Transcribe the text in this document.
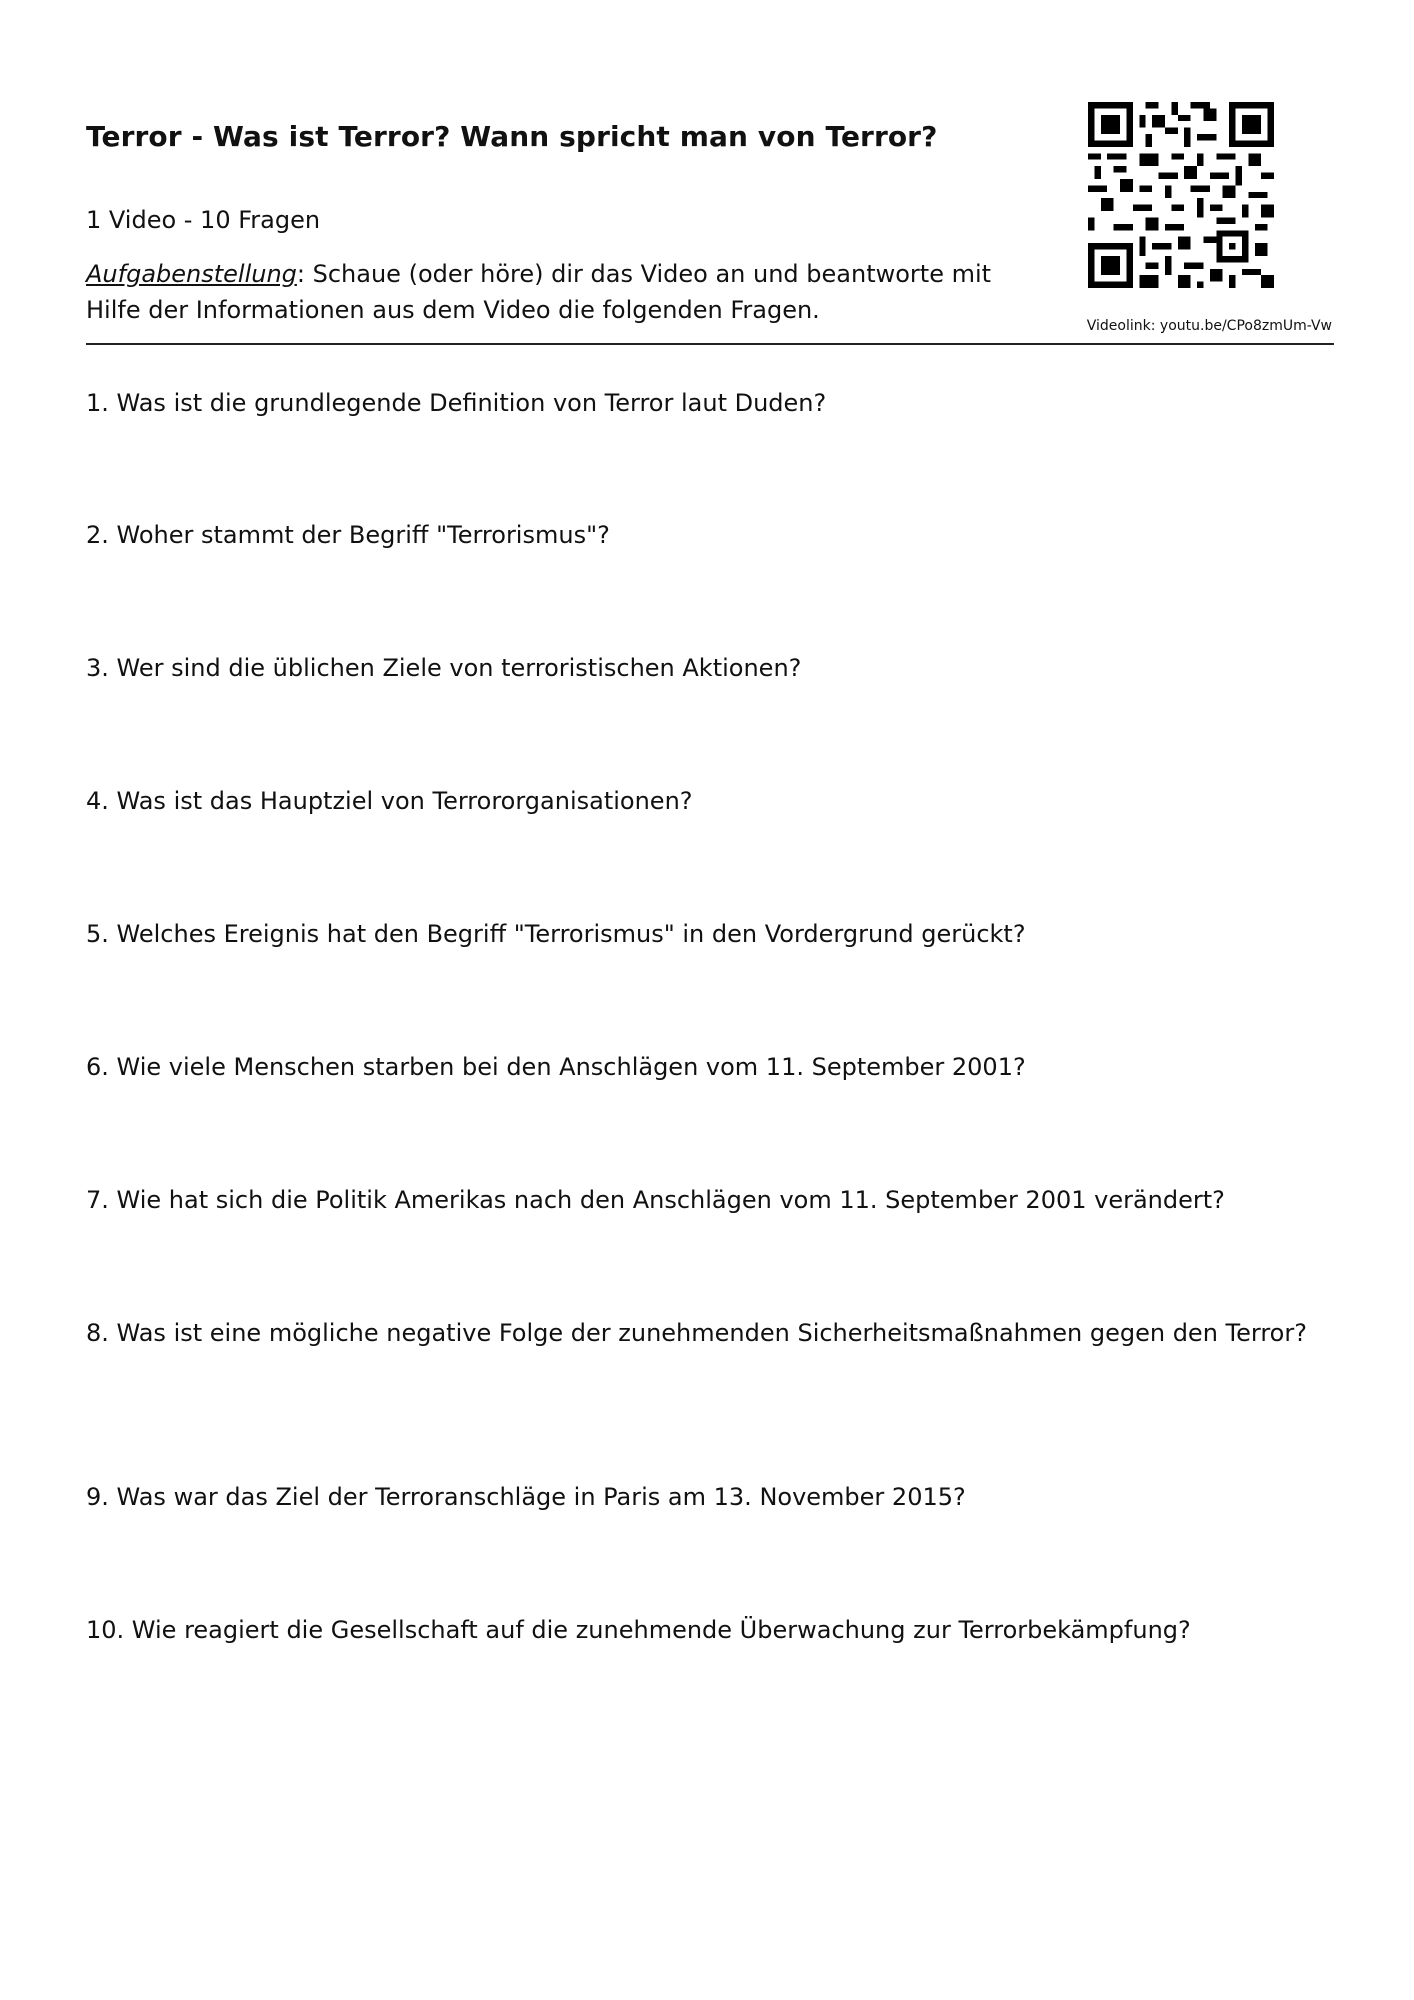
Terror - Was ist Terror? Wann spricht man von Terror?
1 Video - 10 Fragen
Aufgabenstellung: Schaue (oder höre) dir das Video an und beantworte mit Hilfe der Informationen aus dem Video die folgenden Fragen.
Videolink: youtu.be/CPo8zmUm-Vw
1. Was ist die grundlegende Definition von Terror laut Duden?
2. Woher stammt der Begriff "Terrorismus"?
3. Wer sind die üblichen Ziele von terroristischen Aktionen?
4. Was ist das Hauptziel von Terrororganisationen?
5. Welches Ereignis hat den Begriff "Terrorismus" in den Vordergrund gerückt?
6. Wie viele Menschen starben bei den Anschlägen vom 11. September 2001?
7. Wie hat sich die Politik Amerikas nach den Anschlägen vom 11. September 2001 verändert?
8. Was ist eine mögliche negative Folge der zunehmenden Sicherheitsmaßnahmen gegen den Terror?
9. Was war das Ziel der Terroranschläge in Paris am 13. November 2015?
10. Wie reagiert die Gesellschaft auf die zunehmende Überwachung zur Terrorbekämpfung?
